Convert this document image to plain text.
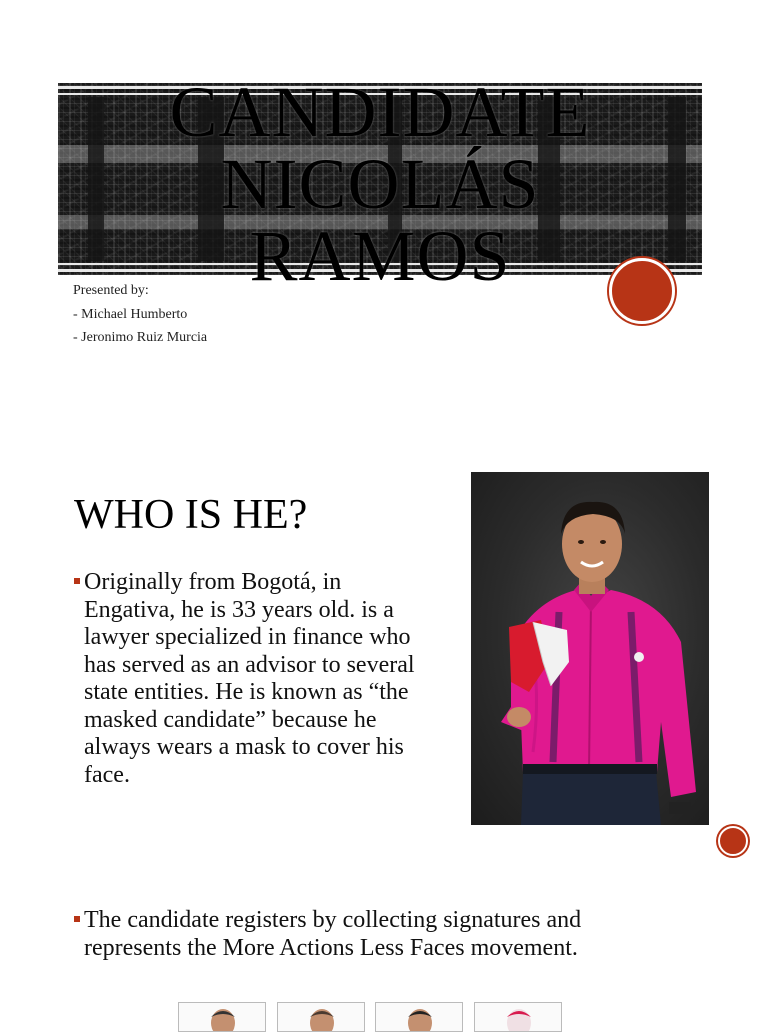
CANDIDATE
NICOLÁS
RAMOS
Presented by:
- Michael Humberto
- Jeronimo Ruiz Murcia
WHO IS HE?
Originally from Bogotá, in Engativa, he is 33 years old. is a lawyer specialized in finance who has served as an advisor to several state entities. He is known as “the masked candidate” because he always wears a mask to cover his face.
The candidate registers by collecting signatures and represents the More Actions Less Faces movement.
